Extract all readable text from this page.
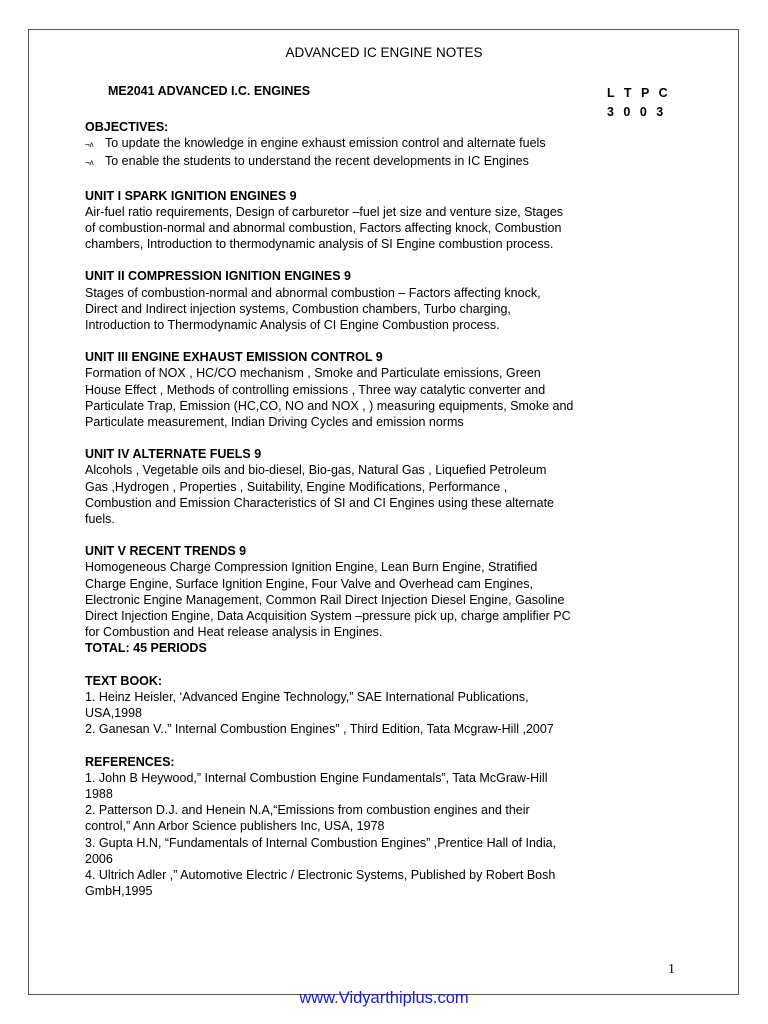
ADVANCED IC ENGINE NOTES
ME2041 ADVANCED I.C. ENGINES	L T P C
3 0 0 3
OBJECTIVES:
¬ʌ To update the knowledge in engine exhaust emission control and alternate fuels
¬ʌ To enable the students to understand the recent developments in IC Engines
UNIT I SPARK IGNITION ENGINES 9
Air-fuel ratio requirements, Design of carburetor –fuel jet size and venture size, Stages
of combustion-normal and abnormal combustion, Factors affecting knock, Combustion
chambers, Introduction to thermodynamic analysis of SI Engine combustion process.
UNIT II COMPRESSION IGNITION ENGINES 9
Stages of combustion-normal and abnormal combustion – Factors affecting knock,
Direct and Indirect injection systems, Combustion chambers, Turbo charging,
Introduction to Thermodynamic Analysis of CI Engine Combustion process.
UNIT III ENGINE EXHAUST EMISSION CONTROL 9
Formation of NOX , HC/CO mechanism , Smoke and Particulate emissions, Green
House Effect , Methods of controlling emissions , Three way catalytic converter and
Particulate Trap, Emission (HC,CO, NO and NOX , ) measuring equipments, Smoke and
Particulate measurement, Indian Driving Cycles and emission norms
UNIT IV ALTERNATE FUELS 9
Alcohols , Vegetable oils and bio-diesel, Bio-gas, Natural Gas , Liquefied Petroleum
Gas ,Hydrogen , Properties , Suitability, Engine Modifications, Performance ,
Combustion and Emission Characteristics of SI and CI Engines using these alternate
fuels.
UNIT V RECENT TRENDS 9
Homogeneous Charge Compression Ignition Engine, Lean Burn Engine, Stratified
Charge Engine, Surface Ignition Engine, Four Valve and Overhead cam Engines,
Electronic Engine Management, Common Rail Direct Injection Diesel Engine, Gasoline
Direct Injection Engine, Data Acquisition System –pressure pick up, charge amplifier PC
for Combustion and Heat release analysis in Engines.
TOTAL: 45 PERIODS
TEXT BOOK:
1. Heinz Heisler, ‘Advanced Engine Technology,” SAE International Publications,
USA,1998
2. Ganesan V..” Internal Combustion Engines” , Third Edition, Tata Mcgraw-Hill ,2007
REFERENCES:
1. John B Heywood,” Internal Combustion Engine Fundamentals”, Tata McGraw-Hill
1988
2. Patterson D.J. and Henein N.A,“Emissions from combustion engines and their
control,” Ann Arbor Science publishers Inc, USA, 1978
3. Gupta H.N, “Fundamentals of Internal Combustion Engines” ,Prentice Hall of India,
2006
4. Ultrich Adler ,” Automotive Electric / Electronic Systems, Published by Robert Bosh
GmbH,1995
1
www.Vidyarthiplus.com
